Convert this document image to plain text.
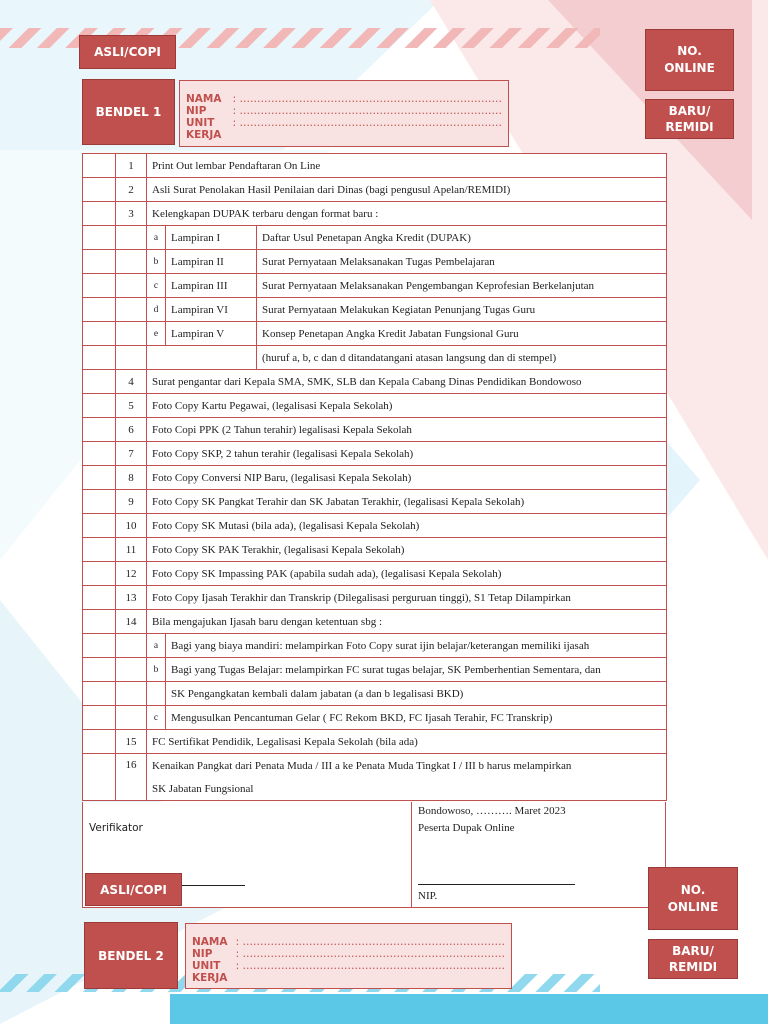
ASLI/COPI
BENDEL 1
NAMA	: …………………………………………………………………
NIP	: …………………………………………………………………
UNIT KERJA
: …………………………………………………………………
NO.
ONLINE
BARU/
REMIDI
	1	Print Out lembar Pendaftaran On Line		
	2	Asli Surat Penolakan Hasil Penilaian dari Dinas (bagi pengusul Apelan/REMIDI)		
	3	Kelengkapan DUPAK terbaru dengan format baru :		
		a	Lampiran I	Daftar Usul Penetapan Angka Kredit (DUPAK)
		b	Lampiran II	Surat Pernyataan Melaksanakan Tugas Pembelajaran
		c	Lampiran III	Surat Pernyataan Melaksanakan Pengembangan Keprofesian Berkelanjutan
		d	Lampiran VI	Surat Pernyataan Melakukan Kegiatan Penunjang Tugas Guru
		e	Lampiran V	Konsep Penetapan Angka Kredit Jabatan Fungsional Guru
				(huruf a, b, c dan d ditandatangani atasan langsung dan di stempel)
	4	Surat pengantar dari Kepala SMA, SMK, SLB dan Kepala Cabang Dinas Pendidikan Bondowoso		
	5	Foto Copy Kartu Pegawai, (legalisasi Kepala Sekolah)		
	6	Foto Copi PPK (2 Tahun terahir) legalisasi Kepala Sekolah		
	7	Foto Copy SKP, 2 tahun terahir (legalisasi Kepala Sekolah)		
	8	Foto Copy Conversi NIP Baru, (legalisasi Kepala Sekolah)		
	9	Foto Copy SK Pangkat Terahir dan SK Jabatan Terakhir, (legalisasi Kepala Sekolah)		
	10	Foto Copy SK Mutasi (bila ada), (legalisasi Kepala Sekolah)		
	11	Foto Copy SK PAK Terakhir, (legalisasi Kepala Sekolah)		
	12	Foto Copy SK Impassing PAK (apabila sudah ada), (legalisasi Kepala Sekolah)		
	13	Foto Copy Ijasah Terakhir dan Transkrip (Dilegalisasi perguruan tinggi), S1 Tetap Dilampirkan		
	14	Bila mengajukan Ijasah baru dengan ketentuan sbg :		
		a	Bagi yang biaya mandiri: melampirkan Foto Copy surat ijin belajar/keterangan memiliki ijasah	
		b	Bagi yang Tugas Belajar: melampirkan FC surat tugas belajar, SK Pemberhentian Sementara, dan	
			SK Pengangkatan kembali dalam jabatan (a dan b legalisasi BKD)	
		c	Mengusulkan Pencantuman Gelar ( FC Rekom BKD, FC Ijasah Terahir, FC Transkrip)	
	15	FC Sertifikat Pendidik, Legalisasi Kepala Sekolah (bila ada)		
	16	Kenaikan Pangkat dari Penata Muda / III a ke Penata Muda Tingkat I / III b harus melampirkan		
		SK Jabatan Fungsional		
Verifikator
Bondowoso, ………. Maret 2023
Peserta Dupak Online
NIP.
ASLI/COPI
BENDEL 2
NAMA : …………………………………………………………………
NIP	: …………………………………………………………………
UNIT KERJA
: …………………………………………………………………
NO.
ONLINE
BARU/
REMIDI
